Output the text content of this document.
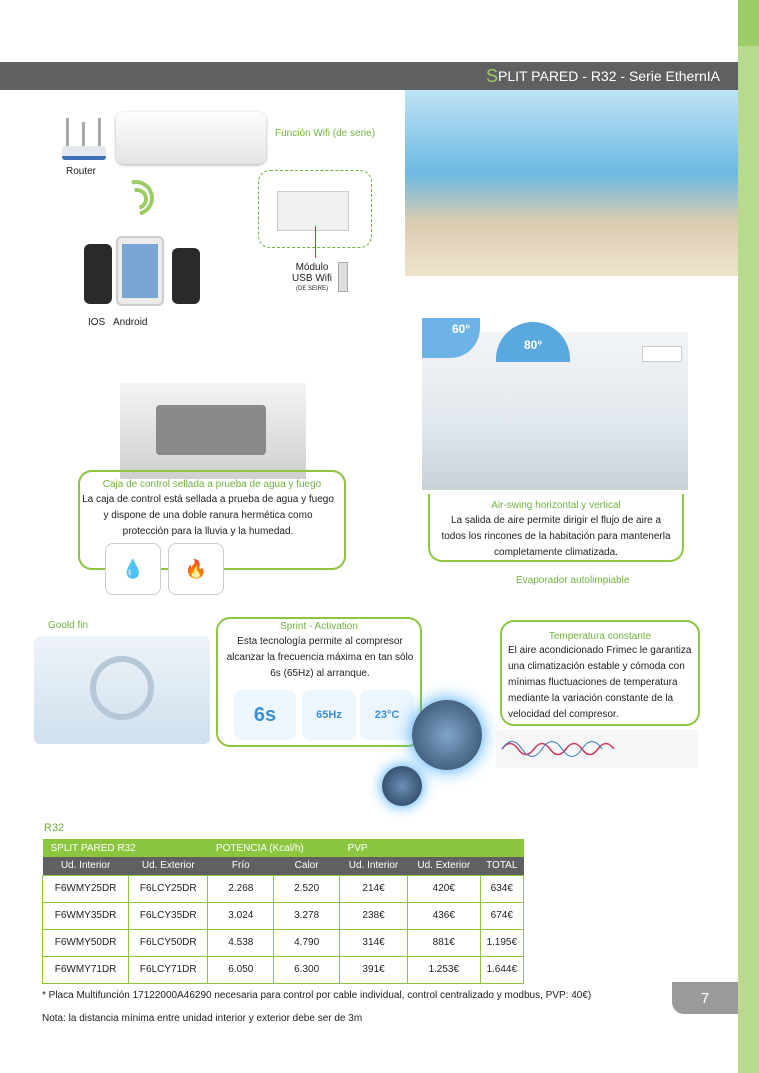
S PLIT PARED - R32 - Serie EthernIA
Router
Función Wifi (de serie)
Módulo
USB Wifi
(DE SEIRE)
IOS   Android
Caja de control sellada a prueba de agua y fuego
La caja de control está sellada a prueba de agua y fuego y dispone de una doble ranura hermética como protección para la lluvia y la humedad.
💧	🔥
60°
80°
Air-swing horizontal y vertical
La salida de aire permite dirigir el flujo de aire a todos los rincones de la habitación para mantenerla completamente climatizada.
Evaporador autolimpiable
Goold fin	Sprint - Activation
Esta tecnología permite al compresor alcanzar la frecuencia máxima en tan sólo 6s (65Hz) al arranque.
6s	65Hz	23°C
Temperatura constante
El aire acondicionado Frimec le garantiza una climatización estable y cómoda con mínimas fluctuaciones de temperatura mediante la variación constante de la velocidad del compresor.
R32
SPLIT PARED R32		POTENCIA (Kcal/h)		PVP		
Ud. Interior	Ud. Exterior	Frío	Calor	Ud. Interior	Ud. Exterior	TOTAL
F6WMY25DR	F6LCY25DR	2.268	2.520	214€	420€	634€
F6WMY35DR	F6LCY35DR	3.024	3.278	238€	436€	674€
F6WMY50DR	F6LCY50DR	4.538	4.790	314€	881€	1.195€
F6WMY71DR	F6LCY71DR	6.050	6.300	391€	1.253€	1.644€
* Placa Multifunción 17122000A46290 necesaria para control por cable individual, control centralizado y modbus, PVP: 40€)
Nota: la distancia mínima entre unidad interior y exterior debe ser de 3m
7
